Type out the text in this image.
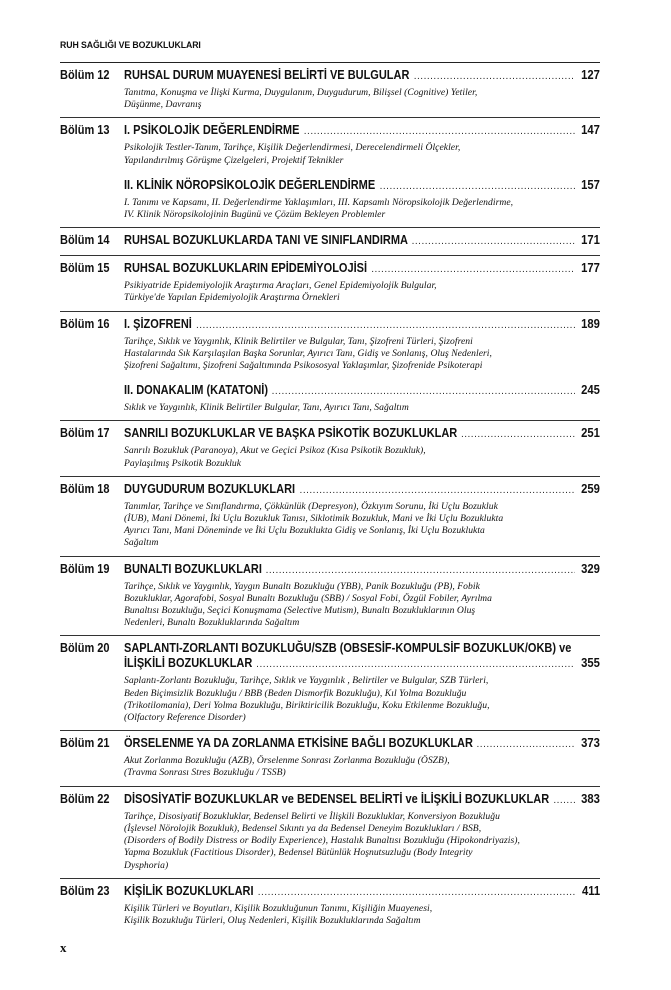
RUH SAĞLIĞI VE BOZUKLUKLARI
Bölüm 12 RUHSAL DURUM MUAYENESİ BELİRTİ VE BULGULAR .....	127
Tanıtma, Konuşma ve İlişki Kurma, Duygulanım, Duygudurum, Bilişsel (Cognitive) Yetiler,
Düşünme, Davranış
Bölüm 13 I. PSİKOLOJİK DEĞERLENDİRME .....	147
Psikolojik Testler-Tanım, Tarihçe, Kişilik Değerlendirmesi, Derecelendirmeli Ölçekler,
Yapılandırılmış Görüşme Çizelgeleri, Projektif Teknikler
II. KLİNİK NÖROPSİKOLOJİK DEĞERLENDİRME .....	157
I. Tanımı ve Kapsamı, II. Değerlendirme Yaklaşımları, III. Kapsamlı Nöropsikolojik Değerlendirme,
IV. Klinik Nöropsikolojinin Bugünü ve Çözüm Bekleyen Problemler
Bölüm 14 RUHSAL BOZUKLUKLARDA TANI VE SINIFLANDIRMA .....	171
Bölüm 15 RUHSAL BOZUKLUKLARIN EPİDEMİYOLOJİSİ .....	177
Psikiyatride Epidemiyolojik Araştırma Araçları, Genel Epidemiyolojik Bulgular,
Türkiye'de Yapılan Epidemiyolojik Araştırma Örnekleri
Bölüm 16 I. ŞİZOFRENİ .....	189
Tarihçe, Sıklık ve Yaygınlık, Klinik Belirtiler ve Bulgular, Tanı, Şizofreni Türleri, Şizofreni
Hastalarında Sık Karşılaşılan Başka Sorunlar, Ayırıcı Tanı, Gidiş ve Sonlanış, Oluş Nedenleri,
Şizofreni Sağaltımı, Şizofreni Sağaltımında Psikososyal Yaklaşımlar, Şizofrenide Psikoterapi
II. DONAKALIM (KATATONİ) .....	245
Sıklık ve Yaygınlık, Klinik Belirtiler Bulgular, Tanı, Ayırıcı Tanı, Sağaltım
Bölüm 17 SANRILI BOZUKLUKLAR VE BAŞKA PSİKOTİK BOZUKLUKLAR .....	251
Sanrılı Bozukluk (Paranoya), Akut ve Geçici Psikoz (Kısa Psikotik Bozukluk),
Paylaşılmış Psikotik Bozukluk
Bölüm 18 DUYGUDURUM BOZUKLUKLARI .....	259
Tanımlar, Tarihçe ve Sınıflandırma, Çökkünlük (Depresyon), Özkıyım Sorunu, İki Uçlu Bozukluk
(İUB), Mani Dönemi, İki Uçlu Bozukluk Tanısı, Siklotimik Bozukluk, Mani ve İki Uçlu Bozuklukta
Ayırıcı Tanı, Mani Döneminde ve İki Uçlu Bozuklukta Gidiş ve Sonlanış, İki Uçlu Bozuklukta
Sağaltım
Bölüm 19 BUNALTI BOZUKLUKLARI .....	329
Tarihçe, Sıklık ve Yaygınlık, Yaygın Bunaltı Bozukluğu (YBB), Panik Bozukluğu (PB), Fobik
Bozukluklar, Agorafobi, Sosyal Bunaltı Bozukluğu (SBB) / Sosyal Fobi, Özgül Fobiler, Ayrılma
Bunaltısı Bozukluğu, Seçici Konuşmama (Selective Mutism), Bunaltı Bozukluklarının Oluş
Nedenleri, Bunaltı Bozukluklarında Sağaltım
Bölüm 20 SAPLANTI-ZORLANTI BOZUKLUĞU/SZB (OBSESİF-KOMPULSİF BOZUKLUK/OKB) ve
İLİŞKİLİ BOZUKLUKLAR .....	355
Saplantı-Zorlantı Bozukluğu, Tarihçe, Sıklık ve Yaygınlık , Belirtiler ve Bulgular, SZB Türleri,
Beden Biçimsizlik Bozukluğu / BBB (Beden Dismorfik Bozukluğu), Kıl Yolma Bozukluğu
(Trikotilomania), Deri Yolma Bozukluğu, Biriktiricilik Bozukluğu, Koku Etkilenme Bozukluğu,
(Olfactory Reference Disorder)
Bölüm 21 ÖRSELENME YA DA ZORLANMA ETKİSİNE BAĞLI BOZUKLUKLAR .....	373
Akut Zorlanma Bozukluğu (AZB), Örselenme Sonrası Zorlanma Bozukluğu (ÖSZB),
(Travma Sonrası Stres Bozukluğu / TSSB)
Bölüm 22 DİSOSİYATİF BOZUKLUKLAR ve BEDENSEL BELİRTİ ve İLİŞKİLİ BOZUKLUKLAR .....	383
Tarihçe, Disosiyatif Bozukluklar, Bedensel Belirti ve İlişkili Bozukluklar, Konversiyon Bozukluğu
(İşlevsel Nörolojik Bozukluk), Bedensel Sıkıntı ya da Bedensel Deneyim Bozuklukları / BSB,
(Disorders of Bodily Distress or Bodily Experience), Hastalık Bunaltısı Bozukluğu (Hipokondriyazis),
Yapma Bozukluk (Factitious Disorder), Bedensel Bütünlük Hoşnutsuzluğu (Body Integrity
Dysphoria)
Bölüm 23 KİŞİLİK BOZUKLUKLARI .....	411
Kişilik Türleri ve Boyutları, Kişilik Bozukluğunun Tanımı, Kişiliğin Muayenesi,
Kişilik Bozukluğu Türleri, Oluş Nedenleri, Kişilik Bozukluklarında Sağaltım
x
